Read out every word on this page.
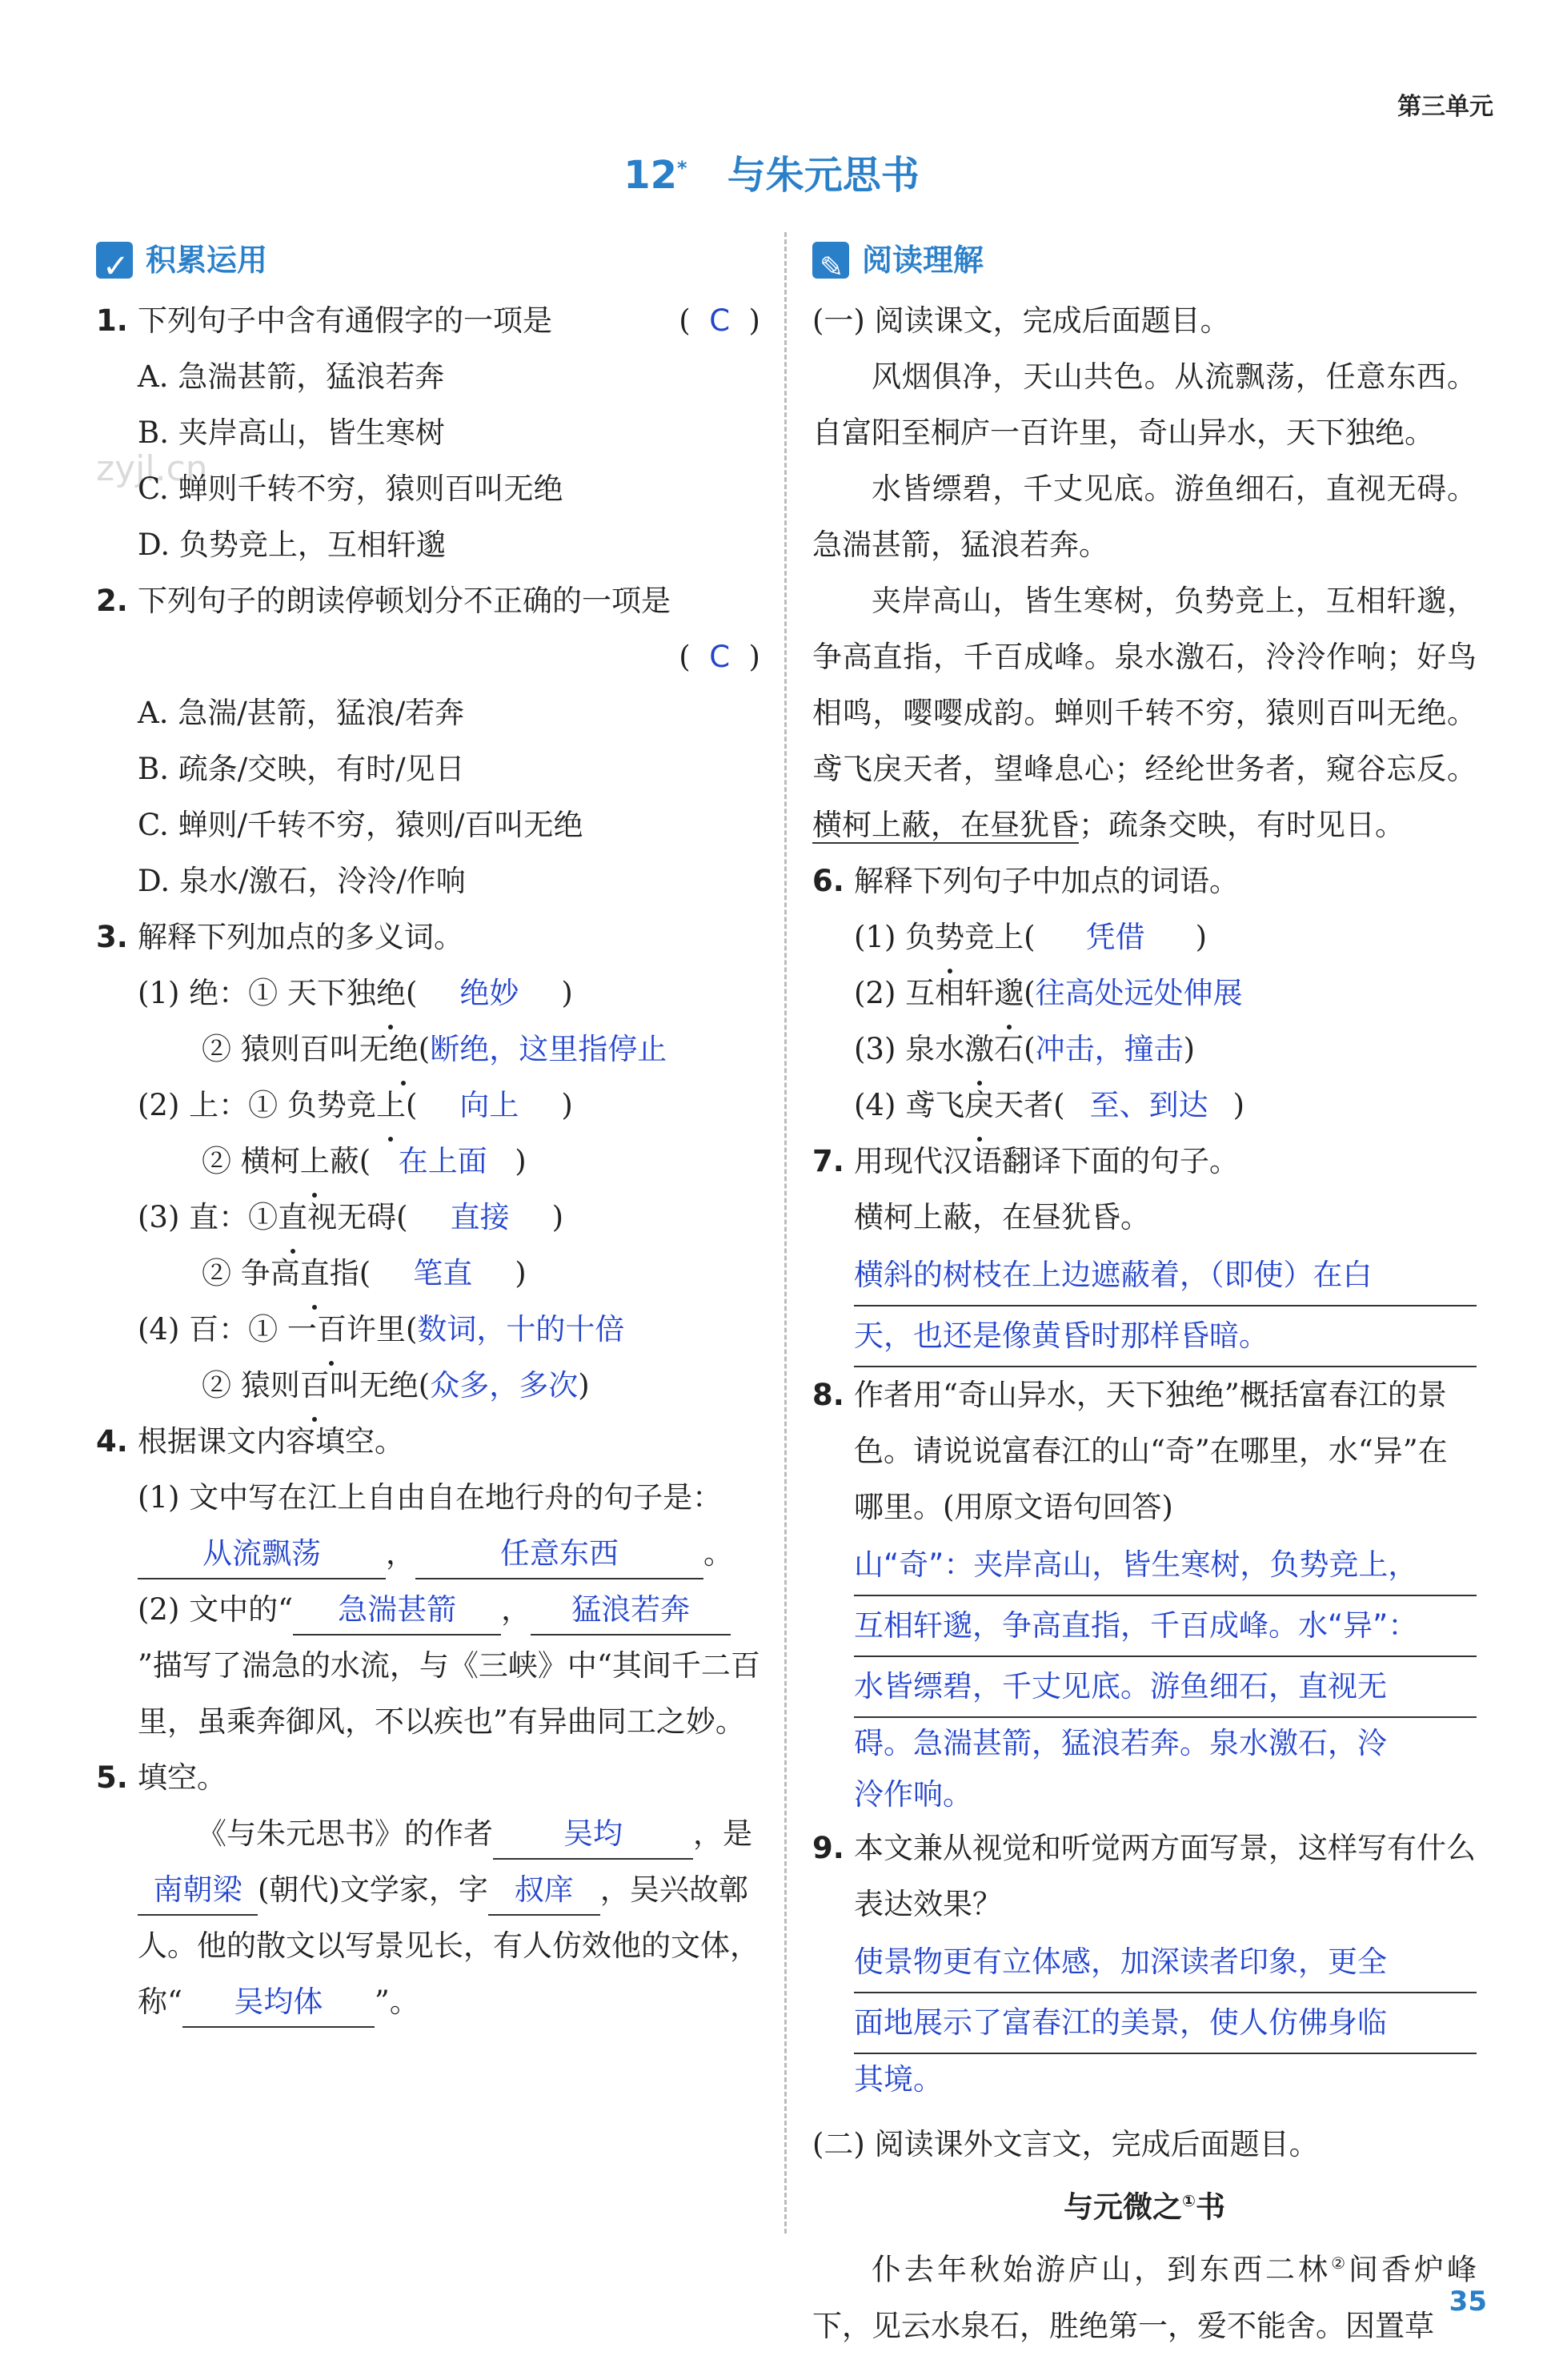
第三单元
12* 与朱元思书
zyjl.cn
✓
积累运用
1. 下列句子中含有通假字的一项是	(  C  )
A. 急湍甚箭，猛浪若奔
B. 夹岸高山，皆生寒树
C. 蝉则千转不穷，猿则百叫无绝
D. 负势竞上，互相轩邈
2. 下列句子的朗读停顿划分不正确的一项是
(  C  )
A. 急湍/甚箭，猛浪/若奔
B. 疏条/交映，有时/见日
C. 蝉则/千转不穷，猿则/百叫无绝
D. 泉水/激石，泠泠/作响
3. 解释下列加点的多义词。
(1) 绝：① 天下独 绝 (	绝妙	)
② 猿则百叫无 绝 ( 断绝，这里指停止
(2) 上：① 负势竞 上 (	向上	)
② 横柯 上 蔽 ( 在上面 )
(3) 直：① 直 视无碍 (	直接	)
② 争高 直 指 (	笔直	)
(4) 百：① 一 百 许里 ( 数词，十的十倍
② 猿则 百 叫无绝 ( 众多，多次 )
4. 根据课文内容填空。
(1) 文中写在江上自由自在地行舟的句子是：从流飘荡 ，	任意东西	。
(2) 文中的“ 急湍甚箭 ， 猛浪若奔”描写了湍急的水流，与《三峡》中“其间千二百里，虽乘奔御风，不以疾也”有异曲同工之妙。
5. 填空。
《与朱元思书》的作者 吴均 ，是南朝梁 (朝代)文学家，字 叔庠 ，吴兴故鄣人。他的散文以写景见长，有人仿效他的文体，称“ 吴均体 ”。
✎
阅读理解
(一) 阅读课文，完成后面题目。
风烟俱净，天山共色。从流飘荡，任意东西。自富阳至桐庐一百许里，奇山异水，天下独绝。
水皆缥碧，千丈见底。游鱼细石，直视无碍。急湍甚箭，猛浪若奔。
夹岸高山，皆生寒树，负势竞上，互相轩邈，争高直指，千百成峰。泉水激石，泠泠作响；好鸟相鸣，嘤嘤成韵。蝉则千转不穷，猿则百叫无绝。鸢飞戾天者，望峰息心；经纶世务者，窥谷忘反。横柯上蔽，在昼犹昏；疏条交映，有时见日。
6. 解释下列句子中加点的词语。
(1) 负 势 竞上(	凭借	)
(2) 互相轩 邈 ( 往高处远处伸展
(3) 泉水 激 石( 冲击，撞击 )
(4) 鸢飞 戾 天者( 至、到达 )
7. 用现代汉语翻译下面的句子。
横柯上蔽，在昼犹昏。
横斜的树枝在上边遮蔽着，（即使）在白
天，也还是像黄昏时那样昏暗。
8. 作者用“奇山异水，天下独绝”概括富春江的景色。请说说富春江的山“奇”在哪里，水“异”在哪里。(用原文语句回答)
山“奇”：夹岸高山，皆生寒树，负势竞上，
互相轩邈，争高直指，千百成峰。水“异”：
水皆缥碧，千丈见底。游鱼细石，直视无
碍。急湍甚箭，猛浪若奔。泉水激石，泠
泠作响。
9. 本文兼从视觉和听觉两方面写景，这样写有什么表达效果？
使景物更有立体感，加深读者印象，更全
面地展示了富春江的美景，使人仿佛身临
其境。
(二) 阅读课外文言文，完成后面题目。
与元微之①书
仆去年秋始游庐山，到东西二林②间香炉峰下，见云水泉石，胜绝第一，爱不能舍。因置草
35
